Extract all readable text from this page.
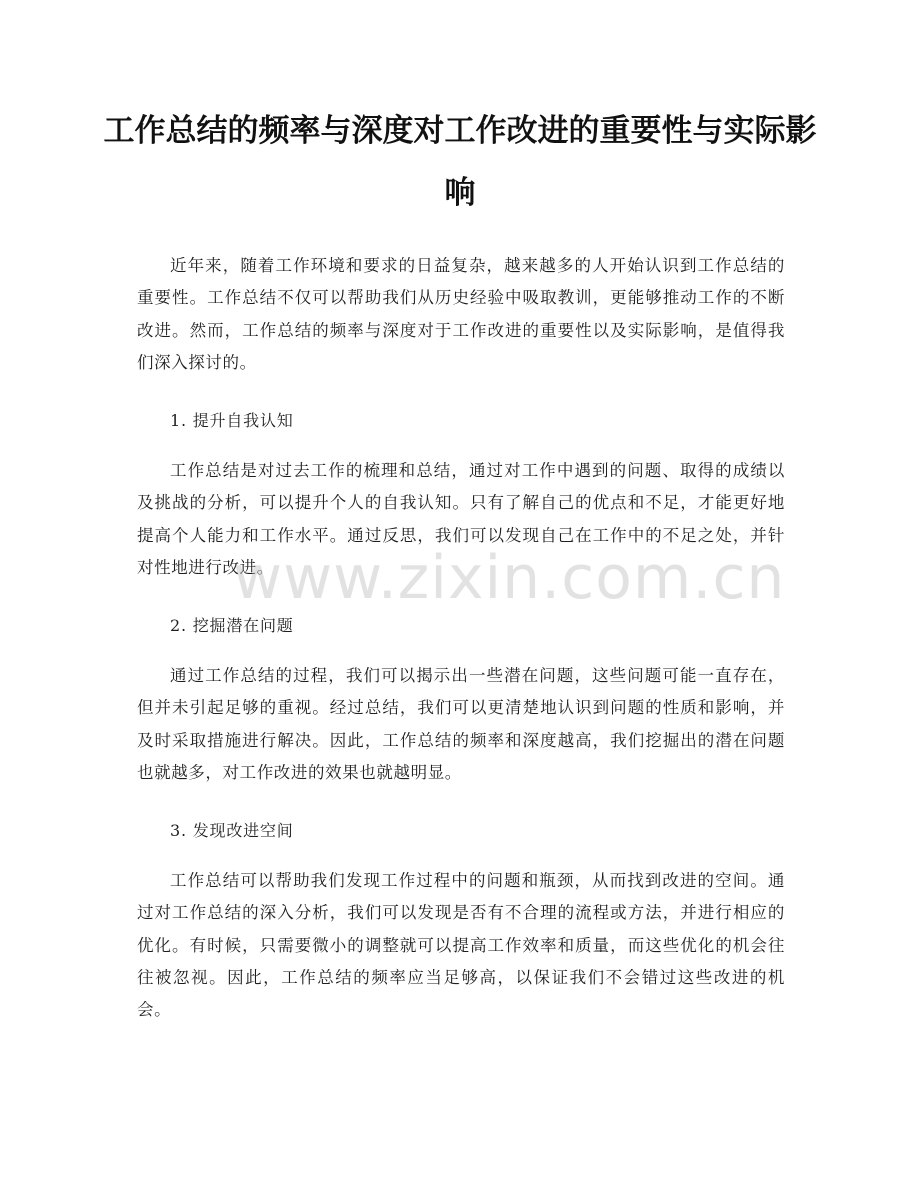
工作总结的频率与深度对工作改进的重要性与实际影响

近年来，随着工作环境和要求的日益复杂，越来越多的人开始认识到工作总结的重要性。工作总结不仅可以帮助我们从历史经验中吸取教训，更能够推动工作的不断改进。然而，工作总结的频率与深度对于工作改进的重要性以及实际影响，是值得我们深入探讨的。

1. 提升自我认知

工作总结是对过去工作的梳理和总结，通过对工作中遇到的问题、取得的成绩以及挑战的分析，可以提升个人的自我认知。只有了解自己的优点和不足，才能更好地提高个人能力和工作水平。通过反思，我们可以发现自己在工作中的不足之处，并针对性地进行改进。

2. 挖掘潜在问题

通过工作总结的过程，我们可以揭示出一些潜在问题，这些问题可能一直存在，但并未引起足够的重视。经过总结，我们可以更清楚地认识到问题的性质和影响，并及时采取措施进行解决。因此，工作总结的频率和深度越高，我们挖掘出的潜在问题也就越多，对工作改进的效果也就越明显。

3. 发现改进空间

工作总结可以帮助我们发现工作过程中的问题和瓶颈，从而找到改进的空间。通过对工作总结的深入分析，我们可以发现是否有不合理的流程或方法，并进行相应的优化。有时候，只需要微小的调整就可以提高工作效率和质量，而这些优化的机会往往被忽视。因此，工作总结的频率应当足够高，以保证我们不会错过这些改进的机会。

www.zixin.com.cn
